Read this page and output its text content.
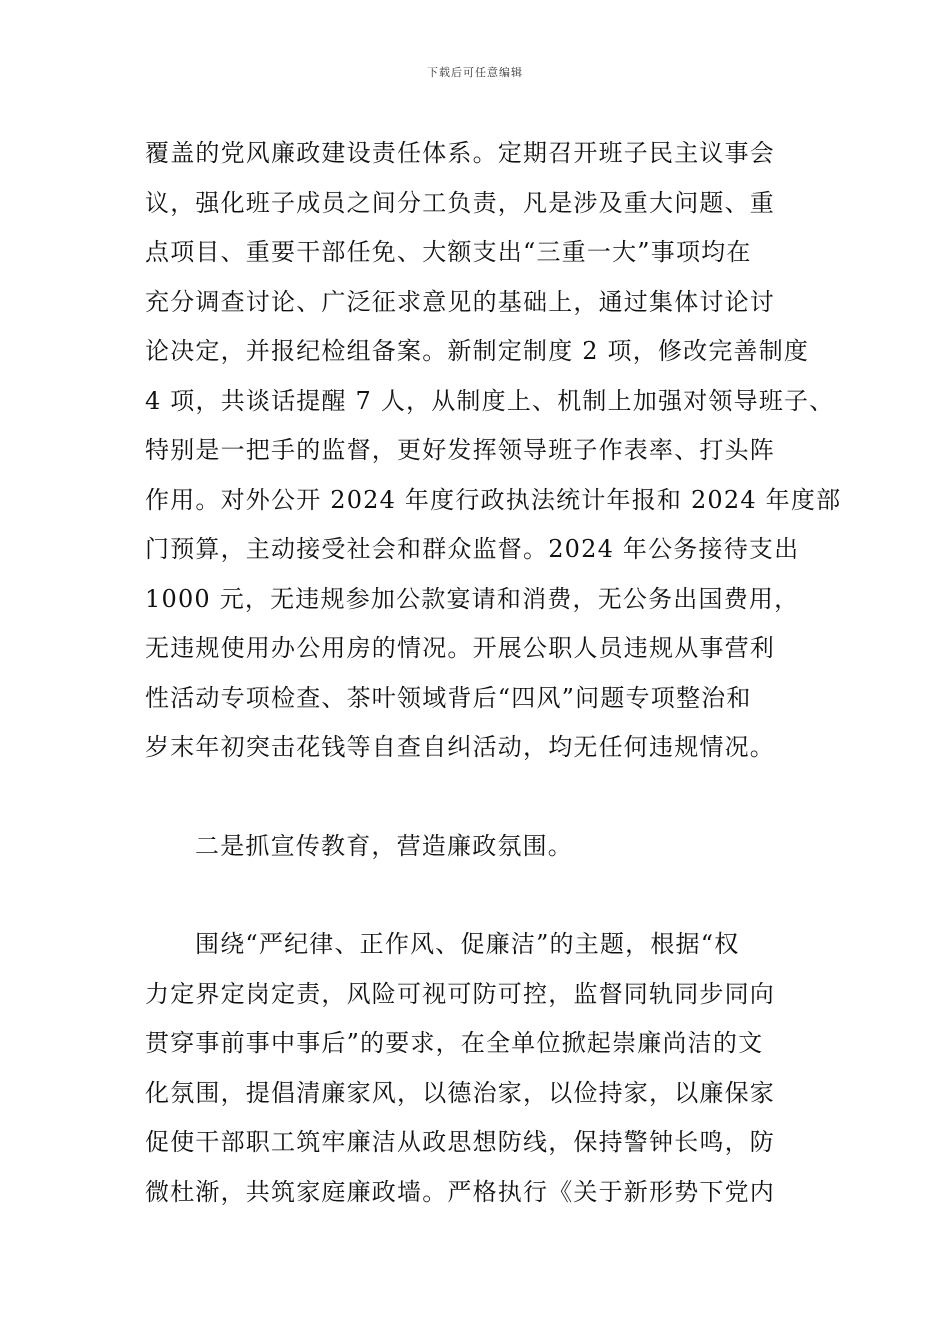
下载后可任意编辑
覆盖的党风廉政建设责任体系。定期召开班子民主议事会
议，强化班子成员之间分工负责，凡是涉及重大问题、重
点项目、重要干部任免、大额支出“三重一大”事项均在
充分调查讨论、广泛征求意见的基础上，通过集体讨论讨
论决定，并报纪检组备案。新制定制度 2 项，修改完善制度
4 项，共谈话提醒 7 人，从制度上、机制上加强对领导班子、
特别是一把手的监督，更好发挥领导班子作表率、打头阵
作用。对外公开 2024 年度行政执法统计年报和 2024 年度部
门预算，主动接受社会和群众监督。2024 年公务接待支出
1000 元，无违规参加公款宴请和消费，无公务出国费用，
无违规使用办公用房的情况。开展公职人员违规从事营利
性活动专项检查、茶叶领域背后“四风”问题专项整治和
岁末年初突击花钱等自查自纠活动，均无任何违规情况。
二是抓宣传教育，营造廉政氛围。
围绕“严纪律、正作风、促廉洁”的主题，根据“权
力定界定岗定责，风险可视可防可控，监督同轨同步同向
贯穿事前事中事后”的要求，在全单位掀起崇廉尚洁的文
化氛围，提倡清廉家风，以德治家，以俭持家，以廉保家
促使干部职工筑牢廉洁从政思想防线，保持警钟长鸣，防
微杜渐，共筑家庭廉政墙。严格执行《关于新形势下党内
